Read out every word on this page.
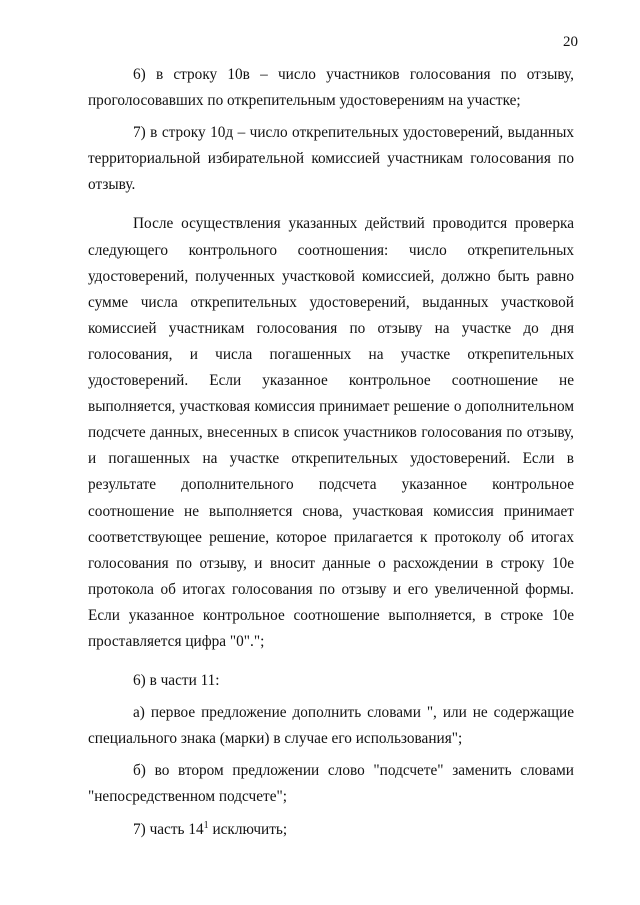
20

6) в строку 10в – число участников голосования по отзыву, проголосовавших по открепительным удостоверениям на участке;

7) в строку 10д – число открепительных удостоверений, выданных территориальной избирательной комиссией участникам голосования по отзыву.

После осуществления указанных действий проводится проверка следующего контрольного соотношения: число открепительных удостоверений, полученных участковой комиссией, должно быть равно сумме числа открепительных удостоверений, выданных участковой комиссией участникам голосования по отзыву на участке до дня голосования, и числа погашенных на участке открепительных удостоверений. Если указанное контрольное соотношение не выполняется, участковая комиссия принимает решение о дополнительном подсчете данных, внесенных в список участников голосования по отзыву, и погашенных на участке открепительных удостоверений. Если в результате дополнительного подсчета указанное контрольное соотношение не выполняется снова, участковая комиссия принимает соответствующее решение, которое прилагается к протоколу об итогах голосования по отзыву, и вносит данные о расхождении в строку 10е протокола об итогах голосования по отзыву и его увеличенной формы. Если указанное контрольное соотношение выполняется, в строке 10е проставляется цифра "0".";

6) в части 11:

а) первое предложение дополнить словами ", или не содержащие специального знака (марки) в случае его использования";

б) во втором предложении слово "подсчете" заменить словами "непосредственном подсчете";

7) часть $14^1$ исключить;
